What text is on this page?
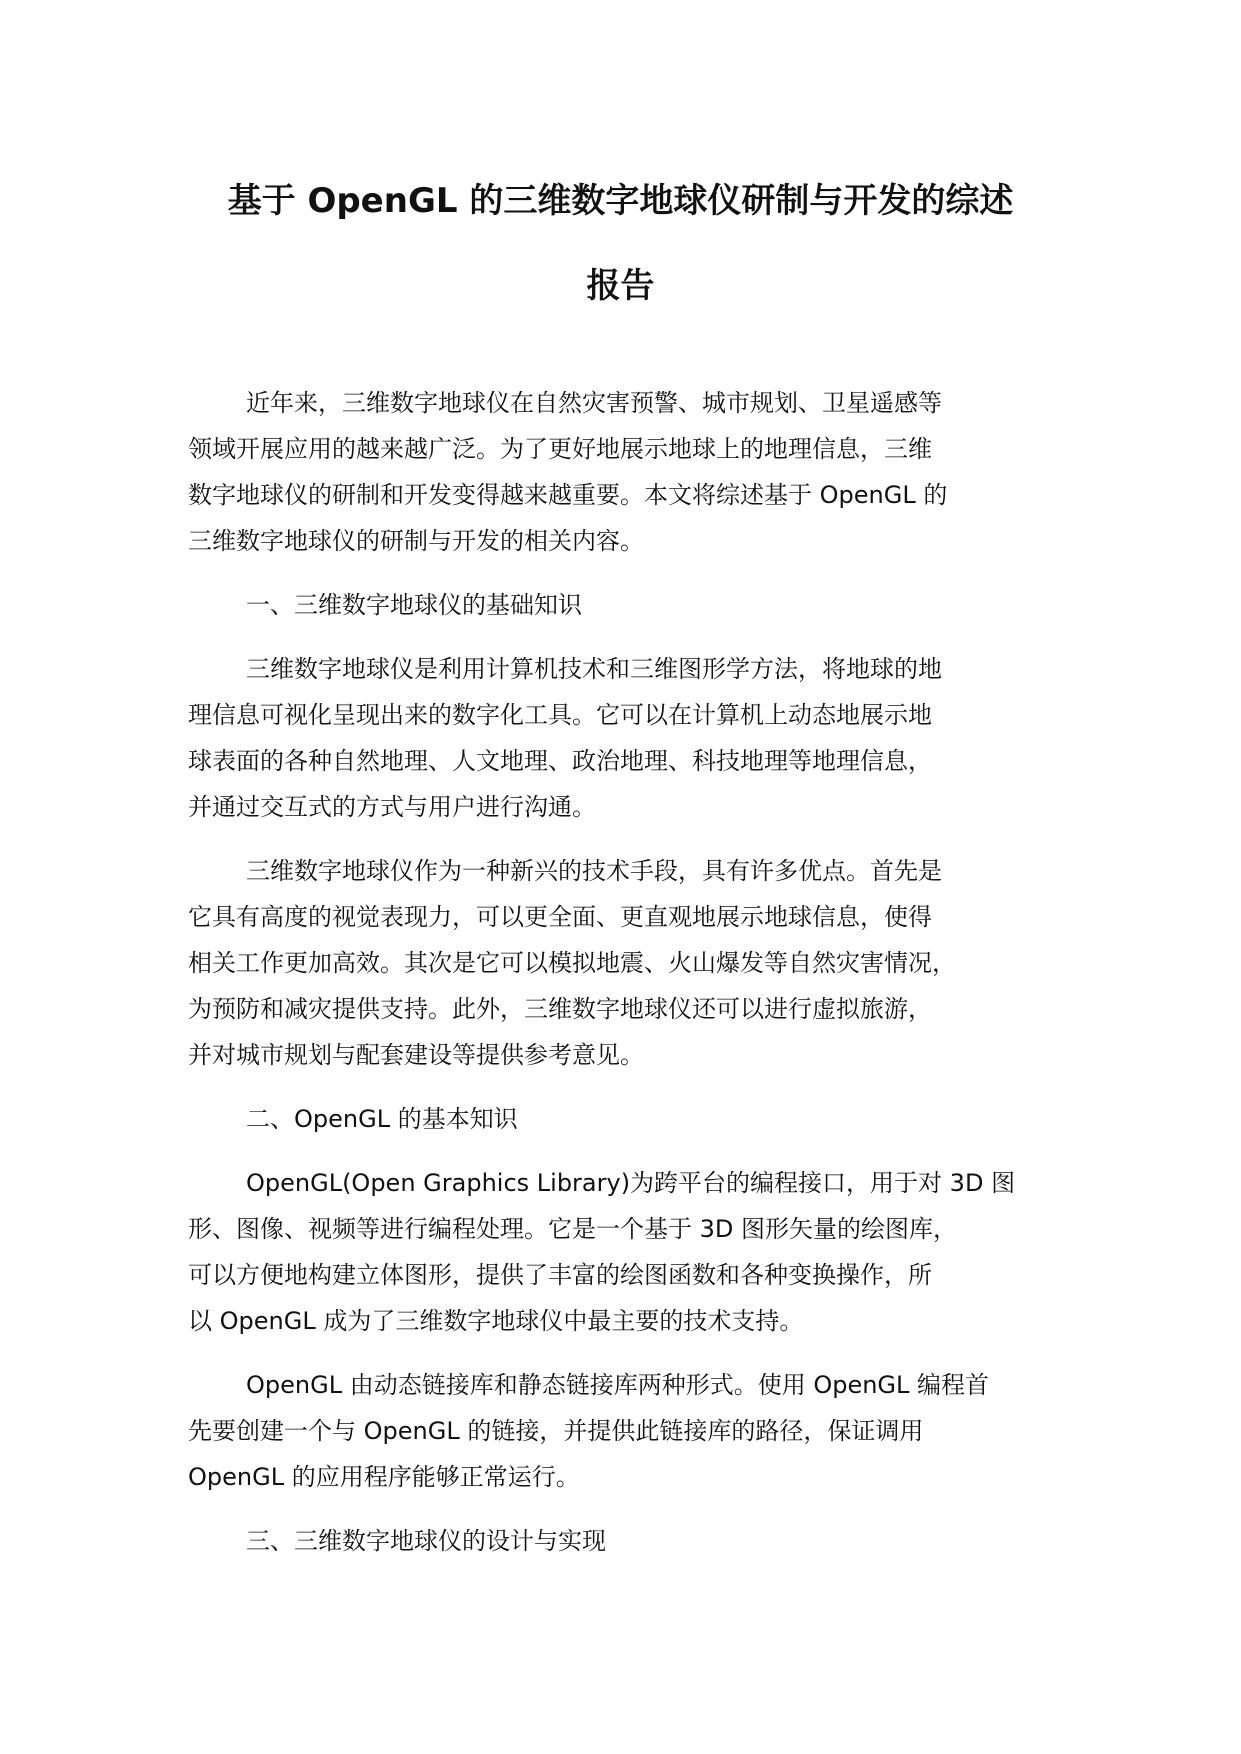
基于 OpenGL 的三维数字地球仪研制与开发的综述
报告

近年来，三维数字地球仪在自然灾害预警、城市规划、卫星遥感等
领域开展应用的越来越广泛。为了更好地展示地球上的地理信息，三维
数字地球仪的研制和开发变得越来越重要。本文将综述基于 OpenGL 的
三维数字地球仪的研制与开发的相关内容。

一、三维数字地球仪的基础知识

三维数字地球仪是利用计算机技术和三维图形学方法，将地球的地
理信息可视化呈现出来的数字化工具。它可以在计算机上动态地展示地
球表面的各种自然地理、人文地理、政治地理、科技地理等地理信息，
并通过交互式的方式与用户进行沟通。

三维数字地球仪作为一种新兴的技术手段，具有许多优点。首先是
它具有高度的视觉表现力，可以更全面、更直观地展示地球信息，使得
相关工作更加高效。其次是它可以模拟地震、火山爆发等自然灾害情况，
为预防和减灾提供支持。此外，三维数字地球仪还可以进行虚拟旅游，
并对城市规划与配套建设等提供参考意见。

二、OpenGL 的基本知识

OpenGL(Open Graphics Library)为跨平台的编程接口，用于对 3D 图
形、图像、视频等进行编程处理。它是一个基于 3D 图形矢量的绘图库，
可以方便地构建立体图形，提供了丰富的绘图函数和各种变换操作，所
以 OpenGL 成为了三维数字地球仪中最主要的技术支持。

OpenGL 由动态链接库和静态链接库两种形式。使用 OpenGL 编程首
先要创建一个与 OpenGL 的链接，并提供此链接库的路径，保证调用
OpenGL 的应用程序能够正常运行。

三、三维数字地球仪的设计与实现
